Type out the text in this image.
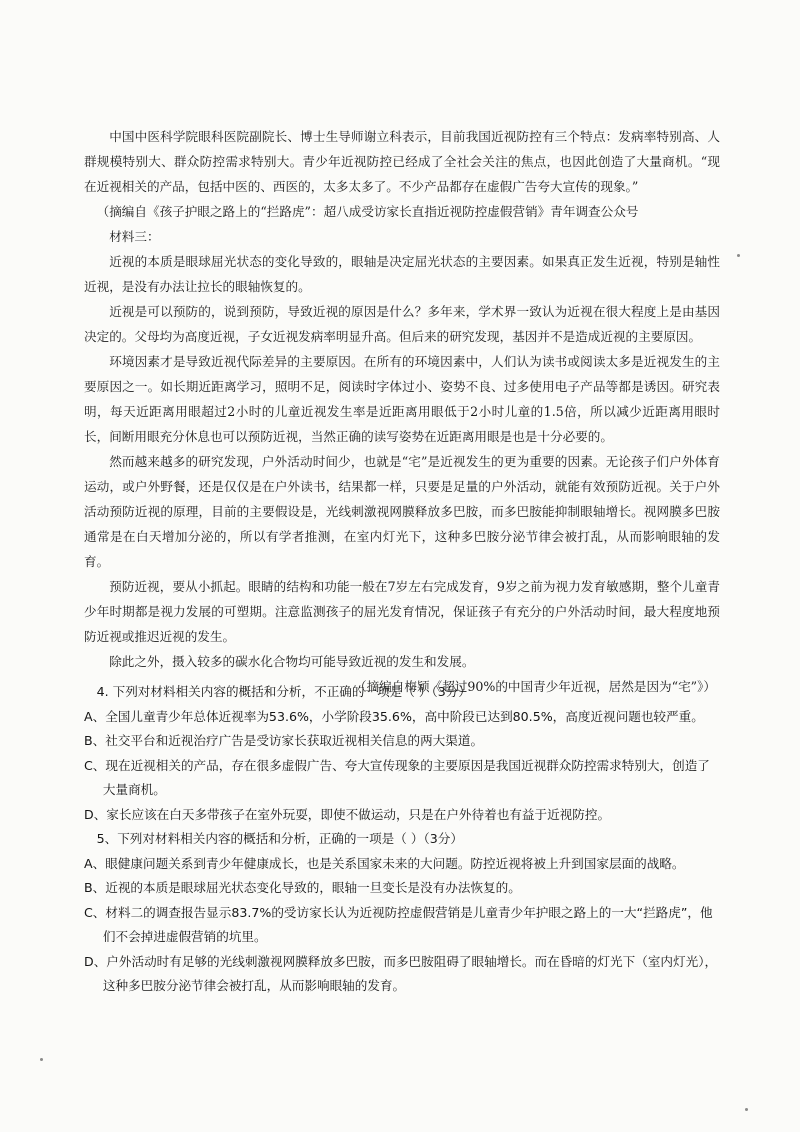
中国中医科学院眼科医院副院长、博士生导师谢立科表示，目前我国近视防控有三个特点：发病率特别高、人群规模特别大、群众防控需求特别大。青少年近视防控已经成了全社会关注的焦点，也因此创造了大量商机。“现在近视相关的产品，包括中医的、西医的，太多太多了。不少产品都存在虚假广告夸大宣传的现象。”

（摘编自《孩子护眼之路上的“拦路虎”：超八成受访家长直指近视防控虚假营销》青年调查公众号

材料三：

近视的本质是眼球屈光状态的变化导致的，眼轴是决定屈光状态的主要因素。如果真正发生近视，特别是轴性近视，是没有办法让拉长的眼轴恢复的。

近视是可以预防的，说到预防，导致近视的原因是什么？多年来，学术界一致认为近视在很大程度上是由基因决定的。父母均为高度近视，子女近视发病率明显升高。但后来的研究发现，基因并不是造成近视的主要原因。

环境因素才是导致近视代际差异的主要原因。在所有的环境因素中，人们认为读书或阅读太多是近视发生的主要原因之一。如长期近距离学习，照明不足，阅读时字体过小、姿势不良、过多使用电子产品等都是诱因。研究表明，每天近距离用眼超过2小时的儿童近视发生率是近距离用眼低于2小时儿童的1.5倍，所以减少近距离用眼时长，间断用眼充分休息也可以预防近视，当然正确的读写姿势在近距离用眼是也是十分必要的。

然而越来越多的研究发现，户外活动时间少，也就是“宅”是近视发生的更为重要的因素。无论孩子们户外体育运动，或户外野餐，还是仅仅是在户外读书，结果都一样，只要是足量的户外活动，就能有效预防近视。关于户外活动预防近视的原理，目前的主要假设是，光线刺激视网膜释放多巴胺，而多巴胺能抑制眼轴增长。视网膜多巴胺通常是在白天增加分泌的，所以有学者推测，在室内灯光下，这种多巴胺分泌节律会被打乱，从而影响眼轴的发育。

预防近视，要从小抓起。眼睛的结构和功能一般在7岁左右完成发育，9岁之前为视力发育敏感期，整个儿童青少年时期都是视力发展的可塑期。注意监测孩子的屈光发育情况，保证孩子有充分的户外活动时间，最大程度地预防近视或推迟近视的发生。

除此之外，摄入较多的碳水化合物均可能导致近视的发生和发展。

（摘编自梅颖《超过90%的中国青少年近视，居然是因为“宅”》）

4. 下列对材料相关内容的概括和分析，不正确的一项是（ ）（3分）

A、全国儿童青少年总体近视率为53.6%，小学阶段35.6%，高中阶段已达到80.5%，高度近视问题也较严重。

B、社交平台和近视治疗广告是受访家长获取近视相关信息的两大渠道。

C、现在近视相关的产品，存在很多虚假广告、夸大宣传现象的主要原因是我国近视群众防控需求特别大，创造了大量商机。

D、家长应该在白天多带孩子在室外玩耍，即使不做运动，只是在户外待着也有益于近视防控。

5、下列对材料相关内容的概括和分析，正确的一项是（ ）（3分）

A、眼健康问题关系到青少年健康成长，也是关系国家未来的大问题。防控近视将被上升到国家层面的战略。

B、近视的本质是眼球屈光状态变化导致的，眼轴一旦变长是没有办法恢复的。

C、材料二的调查报告显示83.7%的受访家长认为近视防控虚假营销是儿童青少年护眼之路上的一大“拦路虎”，他们不会掉进虚假营销的坑里。

D、户外活动时有足够的光线刺激视网膜释放多巴胺，而多巴胺阻碍了眼轴增长。而在昏暗的灯光下（室内灯光），这种多巴胺分泌节律会被打乱，从而影响眼轴的发育。
